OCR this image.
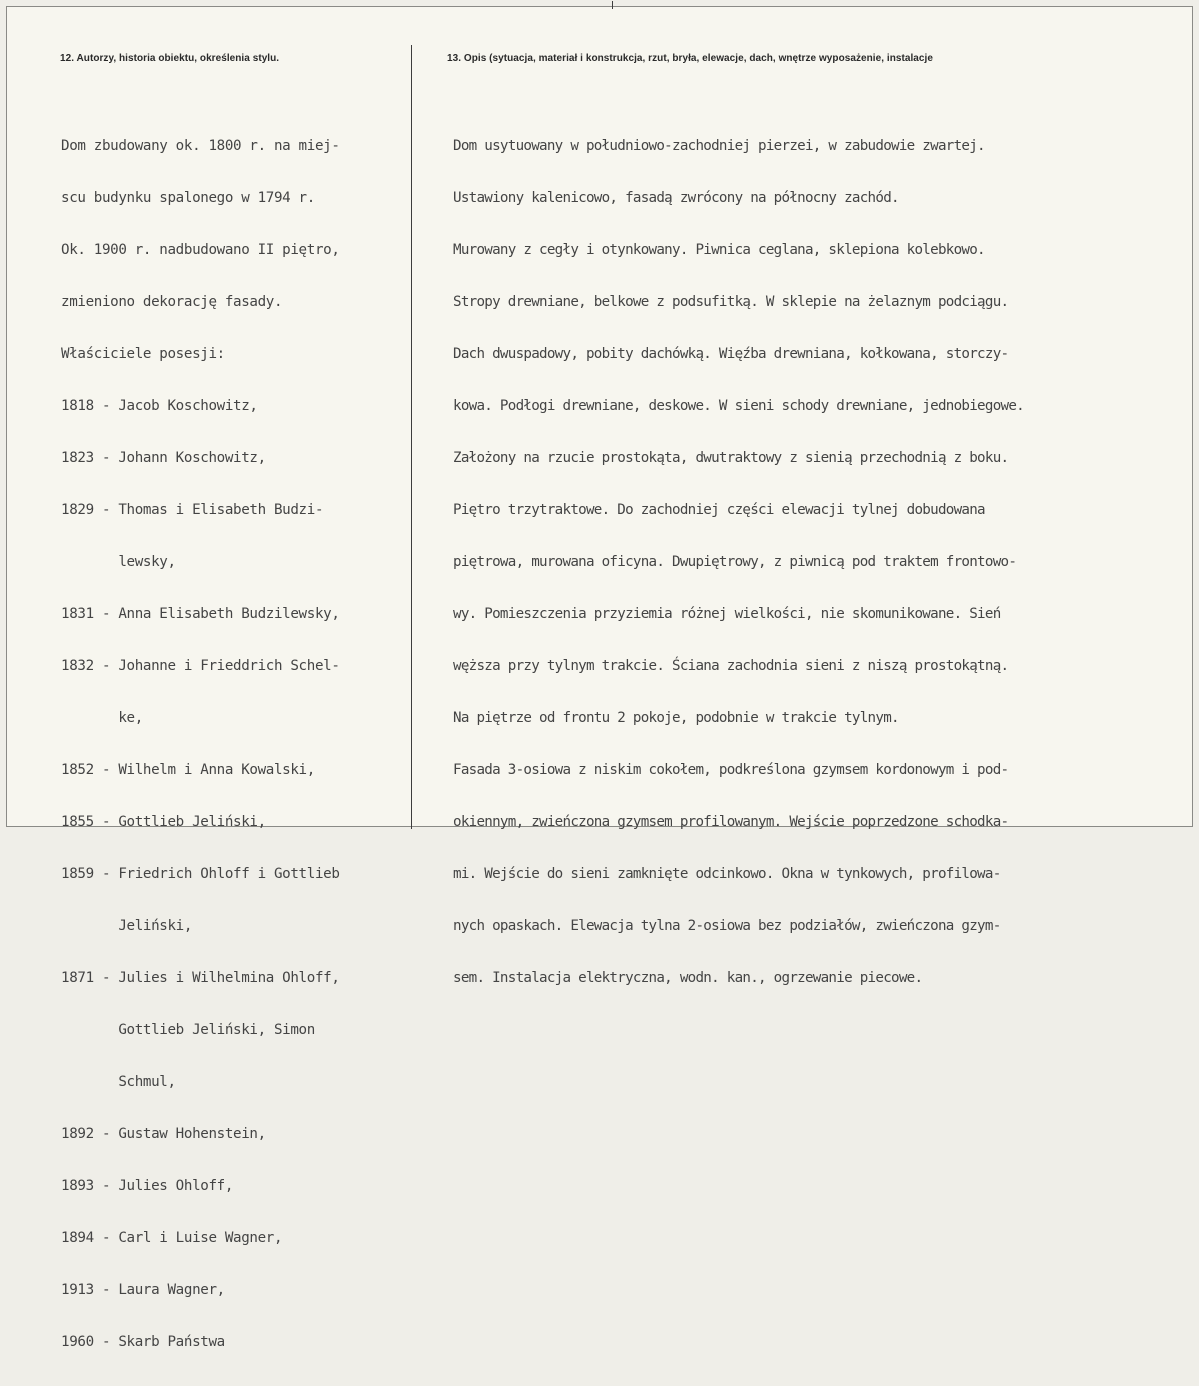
12. Autorzy, historia obiektu, określenia stylu.	13. Opis (sytuacja, materiał i konstrukcja, rzut, bryła, elewacje, dach, wnętrze wyposażenie, instalacje

Dom zbudowany ok. 1800 r. na miej-

scu budynku spalonego w 1794 r.

Ok. 1900 r. nadbudowano II piętro,

zmieniono dekorację fasady.

Właściciele posesji:

1818 - Jacob Koschowitz,

1823 - Johann Koschowitz,

1829 - Thomas i Elisabeth Budzi-

lewsky,

1831 - Anna Elisabeth Budzilewsky,

1832 - Johanne i Frieddrich Schel-

ke,

1852 - Wilhelm i Anna Kowalski,

1855 - Gottlieb Jeliński,

1859 - Friedrich Ohloff i Gottlieb

Jeliński,

1871 - Julies i Wilhelmina Ohloff,

Gottlieb Jeliński, Simon

Schmul,

1892 - Gustaw Hohenstein,

1893 - Julies Ohloff,

1894 - Carl i Luise Wagner,

1913 - Laura Wagner,

1960 - Skarb Państwa

Dom usytuowany w południowo-zachodniej pierzei, w zabudowie zwartej.

Ustawiony kalenicowo, fasadą zwrócony na północny zachód.

Murowany z cegły i otynkowany. Piwnica ceglana, sklepiona kolebkowo.

Stropy drewniane, belkowe z podsufitką. W sklepie na żelaznym podciągu.

Dach dwuspadowy, pobity dachówką. Więźba drewniana, kołkowana, storczy-

kowa. Podłogi drewniane, deskowe. W sieni schody drewniane, jednobiegowe.

Założony na rzucie prostokąta, dwutraktowy z sienią przechodnią z boku.

Piętro trzytraktowe. Do zachodniej części elewacji tylnej dobudowana

piętrowa, murowana oficyna. Dwupiętrowy, z piwnicą pod traktem frontowo-

wy. Pomieszczenia przyziemia różnej wielkości, nie skomunikowane. Sień

węższa przy tylnym trakcie. Ściana zachodnia sieni z niszą prostokątną.

Na piętrze od frontu 2 pokoje, podobnie w trakcie tylnym.

Fasada 3-osiowa z niskim cokołem, podkreślona gzymsem kordonowym i pod-

okiennym, zwieńczona gzymsem profilowanym. Wejście poprzedzone schodka-

mi. Wejście do sieni zamknięte odcinkowo. Okna w tynkowych, profilowa-

nych opaskach. Elewacja tylna 2-osiowa bez podziałów, zwieńczona gzym-

sem. Instalacja elektryczna, wodn. kan., ogrzewanie piecowe.
